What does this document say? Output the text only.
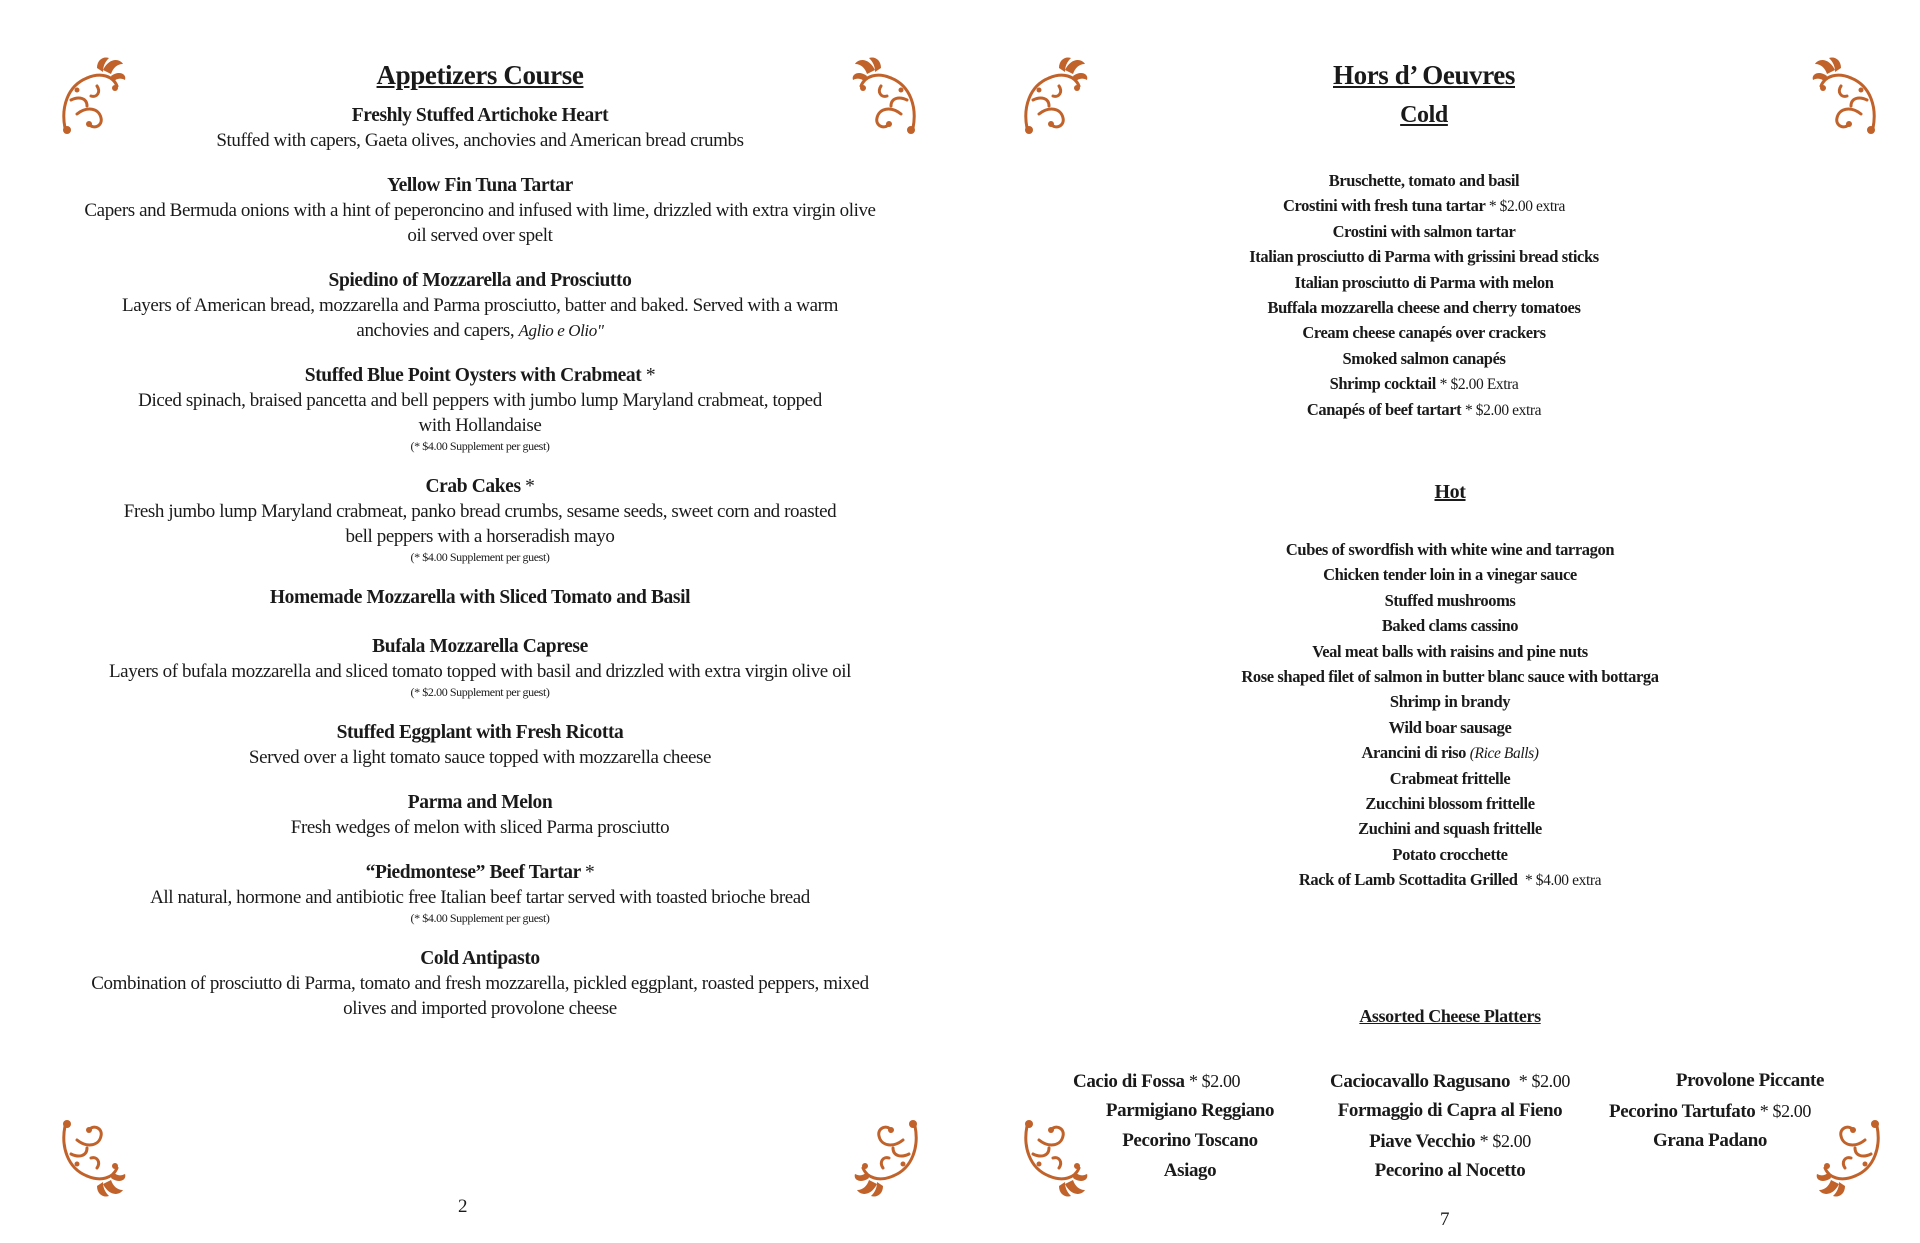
Appetizers Course
Freshly Stuffed Artichoke Heart
Stuffed with capers, Gaeta olives, anchovies and American bread crumbs
Yellow Fin Tuna Tartar
Capers and Bermuda onions with a hint of peperoncino and infused with lime, drizzled with extra virgin olive
oil served over spelt
Spiedino of Mozzarella and Prosciutto
Layers of American bread, mozzarella and Parma prosciutto, batter and baked. Served with a warm
anchovies and capers, Aglio e Olio"
Stuffed Blue Point Oysters with Crabmeat *
Diced spinach, braised pancetta and bell peppers with jumbo lump Maryland crabmeat, topped
with Hollandaise
(* $4.00 Supplement per guest)
Crab Cakes *
Fresh jumbo lump Maryland crabmeat, panko bread crumbs, sesame seeds, sweet corn and roasted
bell peppers with a horseradish mayo
(* $4.00 Supplement per guest)
Homemade Mozzarella with Sliced Tomato and Basil
Bufala Mozzarella Caprese
Layers of bufala mozzarella and sliced tomato topped with basil and drizzled with extra virgin olive oil
(* $2.00 Supplement per guest)
Stuffed Eggplant with Fresh Ricotta
Served over a light tomato sauce topped with mozzarella cheese
Parma and Melon
Fresh wedges of melon with sliced Parma prosciutto
“Piedmontese” Beef Tartar *
All natural, hormone and antibiotic free Italian beef tartar served with toasted brioche bread
(* $4.00 Supplement per guest)
Cold Antipasto
Combination of prosciutto di Parma, tomato and fresh mozzarella, pickled eggplant, roasted peppers, mixed
olives and imported provolone cheese
2
Hors d’ Oeuvres
Cold
Bruschette, tomato and basil
Crostini with fresh tuna tartar * $2.00 extra
Crostini with salmon tartar
Italian prosciutto di Parma with grissini bread sticks
Italian prosciutto di Parma with melon
Buffala mozzarella cheese and cherry tomatoes
Cream cheese canapés over crackers
Smoked salmon canapés
Shrimp cocktail * $2.00 Extra
Canapés of beef tartart * $2.00 extra
Hot
Cubes of swordfish with white wine and tarragon
Chicken tender loin in a vinegar sauce
Stuffed mushrooms
Baked clams cassino
Veal meat balls with raisins and pine nuts
Rose shaped filet of salmon in butter blanc sauce with bottarga
Shrimp in brandy
Wild boar sausage
Arancini di riso (Rice Balls)
Crabmeat frittelle
Zucchini blossom frittelle
Zuchini and squash frittelle
Potato crocchette
Rack of Lamb Scottadita Grilled * $4.00 extra
Assorted Cheese Platters
Cacio di Fossa * $2.00
Parmigiano Reggiano
Pecorino Toscano
Asiago
Caciocavallo Ragusano * $2.00
Formaggio di Capra al Fieno
Piave Vecchio * $2.00
Pecorino al Nocetto
Provolone Piccante
Pecorino Tartufato * $2.00
Grana Padano
7
